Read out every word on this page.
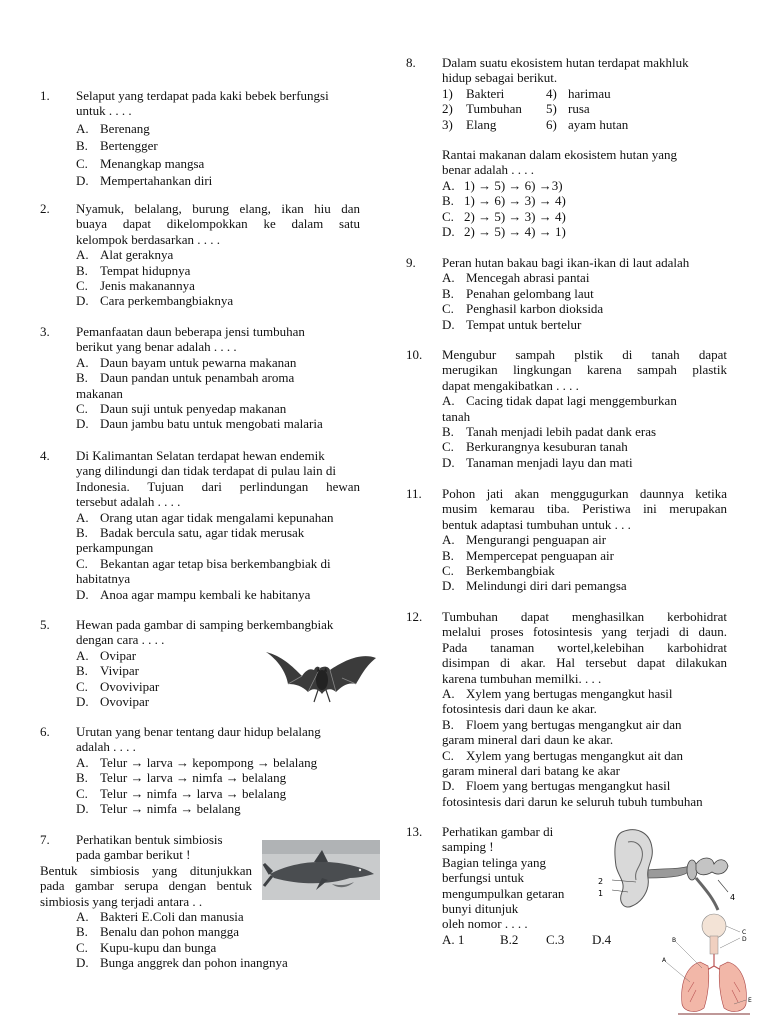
1. Selaput yang terdapat pada kaki bebek berfungsi
untuk . . . .
A. Berenang
B. Bertengger
C. Menangkap mangsa
D. Mempertahankan diri
2. Nyamuk, belalang, burung elang, ikan hiu dan
buaya dapat dikelompokkan ke dalam satu
kelompok berdasarkan . . . .
A. Alat geraknya
B. Tempat hidupnya
C. Jenis makanannya
D. Cara perkembangbiaknya
3. Pemanfaatan daun beberapa jensi tumbuhan
berikut yang benar adalah . . . .
A. Daun bayam untuk pewarna makanan
B. Daun pandan untuk penambah aroma
makanan
C. Daun suji untuk penyedap makanan
D. Daun jambu batu untuk mengobati malaria
4. Di Kalimantan Selatan terdapat hewan endemik
yang dilindungi dan tidak terdapat di pulau lain di
Indonesia. Tujuan dari perlindungan hewan
tersebut adalah . . . .
A. Orang utan agar tidak mengalami kepunahan
B. Badak bercula satu, agar tidak merusak
perkampungan
C. Bekantan agar tetap bisa berkembangbiak di
habitatnya
D. Anoa agar mampu kembali ke habitanya
5. Hewan pada gambar di samping berkembangbiak
dengan cara . . . .
A. Ovipar
B. Vivipar
C. Ovovivipar
D. Ovovipar
6. Urutan yang benar tentang daur hidup belalang
adalah . . . .
A. Telur → larva → kepompong → belalang
B. Telur → larva → nimfa → belalang
C. Telur → nimfa → larva → belalang
D. Telur → nimfa → belalang
7. Perhatikan bentuk simbiosis
pada gambar berikut !
Bentuk simbiosis yang ditunjukkan
pada gambar serupa dengan bentuk
simbiosis yang terjadi antara . .
A. Bakteri E.Coli dan manusia
B. Benalu dan pohon mangga
C. Kupu-kupu dan bunga
D. Bunga anggrek dan pohon inangnya
8. Dalam suatu ekosistem hutan terdapat makhluk
hidup sebagai berikut.
1) Bakteri	4) harimau
2) Tumbuhan 5) rusa
3) Elang	6) ayam hutan
Rantai makanan dalam ekosistem hutan yang
benar adalah . . . .
A. 1) → 5) → 6) →3)
B. 1) → 6) → 3) → 4)
C. 2) → 5) → 3) → 4)
D. 2) → 5) → 4) → 1)
9. Peran hutan bakau bagi ikan-ikan di laut adalah
A. Mencegah abrasi pantai
B. Penahan gelombang laut
C. Penghasil karbon dioksida
D. Tempat untuk bertelur
10. Mengubur sampah plstik di tanah dapat
merugikan lingkungan karena sampah plastik
dapat mengakibatkan . . . .
A. Cacing tidak dapat lagi menggemburkan
tanah
B. Tanah menjadi lebih padat dank eras
C. Berkurangnya kesuburan tanah
D. Tanaman menjadi layu dan mati
11. Pohon jati akan menggugurkan daunnya ketika
musim kemarau tiba. Peristiwa ini merupakan
bentuk adaptasi tumbuhan untuk . . .
A. Mengurangi penguapan air
B. Mempercepat penguapan air
C. Berkembangbiak
D. Melindungi diri dari pemangsa
12. Tumbuhan dapat menghasilkan kerbohidrat
melalui proses fotosintesis yang terjadi di daun.
Pada tanaman wortel,kelebihan karbohidrat
disimpan di akar. Hal tersebut dapat dilakukan
karena tumbuhan memilki. . . .
A. Xylem yang bertugas mengangkut hasil
fotosintesis dari daun ke akar.
B. Floem yang bertugas mengangkut air dan
garam mineral dari daun ke akar.
C. Xylem yang bertugas mengangkut ait dan
garam mineral dari batang ke akar
D. Floem yang bertugas mengangkut hasil
fotosintesis dari darun ke seluruh tubuh tumbuhan
13. Perhatikan gambar di
samping !
Bagian telinga yang
berfungsi untuk
mengumpulkan getaran
bunyi ditunjuk
oleh nomor . . . .
A. 1	B.2 C.3 D.4
2
1	4
A
B
C
D
E
